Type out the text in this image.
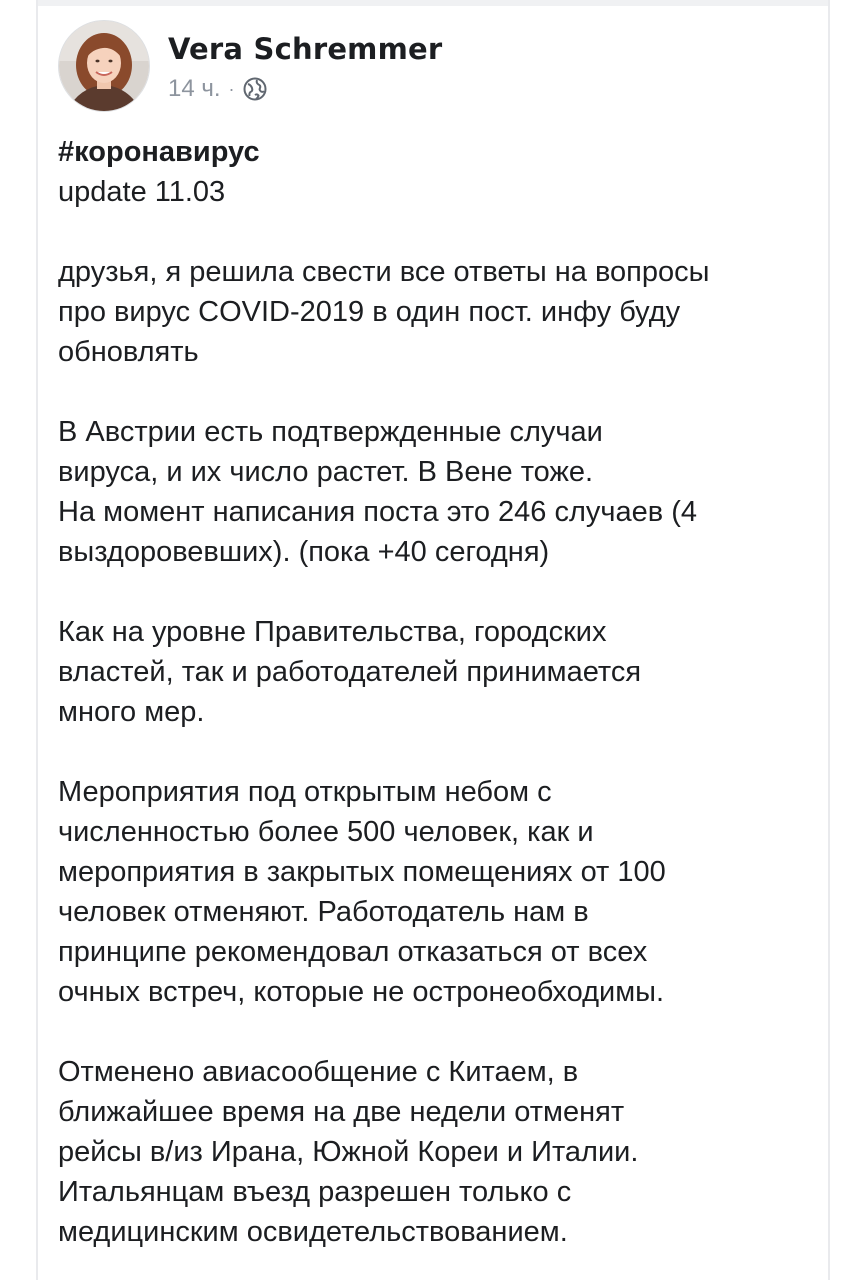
Vera Schremmer
14 ч. ·
#коронавирус
update 11.03

друзья, я решила свести все ответы на вопросы
про вирус COVID-2019 в один пост. инфу буду
обновлять

В Австрии есть подтвержденные случаи
вируса, и их число растет. В Вене тоже.
На момент написания поста это 246 случаев (4
выздоровевших). (пока +40 сегодня)

Как на уровне Правительства, городских
властей, так и работодателей принимается
много мер.

Мероприятия под открытым небом с
численностью более 500 человек, как и
мероприятия в закрытых помещениях от 100
человек отменяют. Работодатель нам в
принципе рекомендовал отказаться от всех
очных встреч, которые не остронеобходимы.

Отменено авиасообщение с Китаем, в
ближайшее время на две недели отменят
рейсы в/из Ирана, Южной Кореи и Италии.
Итальянцам въезд разрешен только с
медицинским освидетельствованием.
